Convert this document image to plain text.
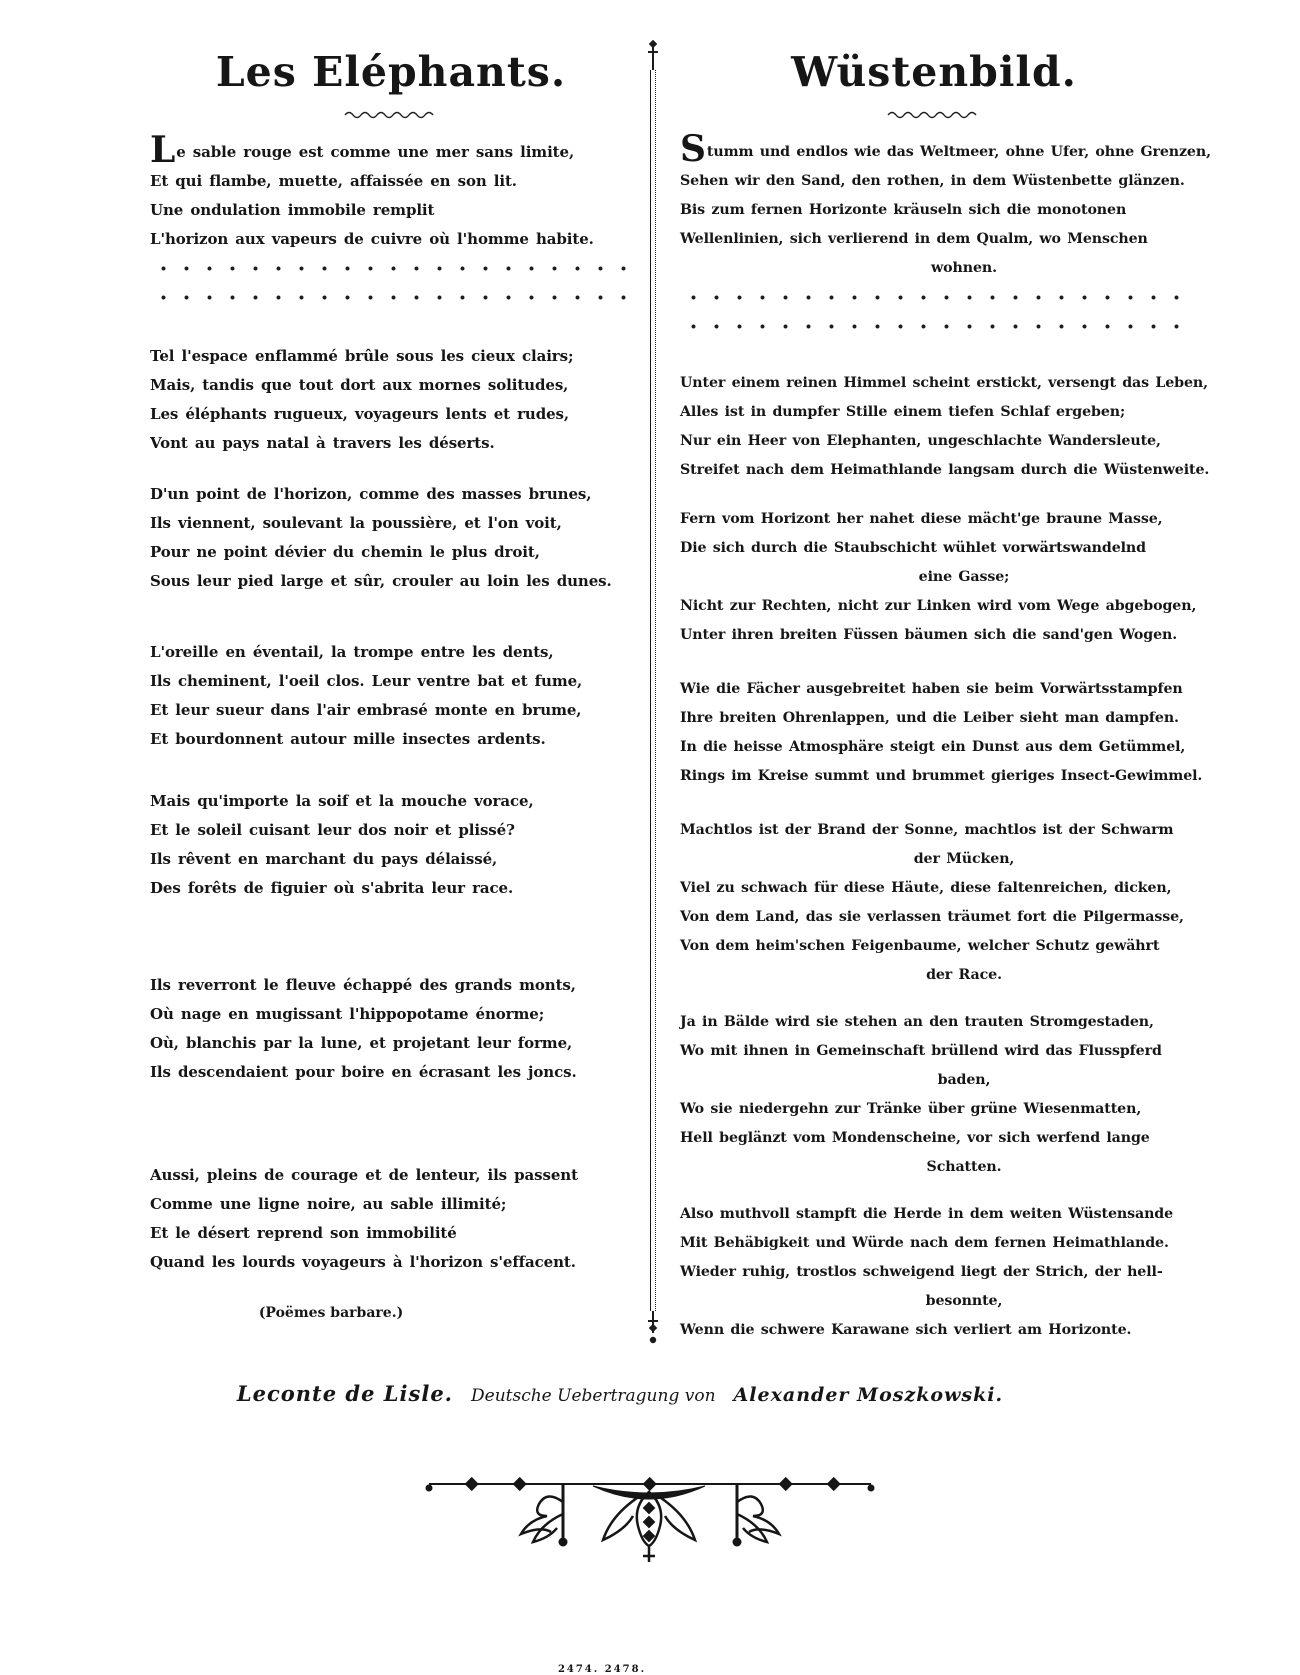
Les Eléphants.
Le sable rouge est comme une mer sans limite,
Et qui flambe, muette, affaissée en son lit.
Une ondulation immobile remplit
L'horizon aux vapeurs de cuivre où l'homme habite.
Tel l'espace enflammé brûle sous les cieux clairs;
Mais, tandis que tout dort aux mornes solitudes,
Les éléphants rugueux, voyageurs lents et rudes,
Vont au pays natal à travers les déserts.
D'un point de l'horizon, comme des masses brunes,
Ils viennent, soulevant la poussière, et l'on voit,
Pour ne point dévier du chemin le plus droit,
Sous leur pied large et sûr, crouler au loin les dunes.
L'oreille en éventail, la trompe entre les dents,
Ils cheminent, l'oeil clos. Leur ventre bat et fume,
Et leur sueur dans l'air embrasé monte en brume,
Et bourdonnent autour mille insectes ardents.
Mais qu'importe la soif et la mouche vorace,
Et le soleil cuisant leur dos noir et plissé?
Ils rêvent en marchant du pays délaissé,
Des forêts de figuier où s'abrita leur race.
Ils reverront le fleuve échappé des grands monts,
Où nage en mugissant l'hippopotame énorme;
Où, blanchis par la lune, et projetant leur forme,
Ils descendaient pour boire en écrasant les joncs.
Aussi, pleins de courage et de lenteur, ils passent
Comme une ligne noire, au sable illimité;
Et le désert reprend son immobilité
Quand les lourds voyageurs à l'horizon s'effacent.
(Poëmes barbare.)
Wüstenbild.
Stumm und endlos wie das Weltmeer, ohne Ufer, ohne Grenzen,
Sehen wir den Sand, den rothen, in dem Wüstenbette glänzen.
Bis zum fernen Horizonte kräuseln sich die monotonen
Wellenlinien, sich verlierend in dem Qualm, wo Menschen
wohnen.
Unter einem reinen Himmel scheint erstickt, versengt das Leben,
Alles ist in dumpfer Stille einem tiefen Schlaf ergeben;
Nur ein Heer von Elephanten, ungeschlachte Wandersleute,
Streifet nach dem Heimathlande langsam durch die Wüstenweite.
Fern vom Horizont her nahet diese mächt'ge braune Masse,
Die sich durch die Staubschicht wühlet vorwärtswandelnd
eine Gasse;
Nicht zur Rechten, nicht zur Linken wird vom Wege abgebogen,
Unter ihren breiten Füssen bäumen sich die sand'gen Wogen.
Wie die Fächer ausgebreitet haben sie beim Vorwärtsstampfen
Ihre breiten Ohrenlappen, und die Leiber sieht man dampfen.
In die heisse Atmosphäre steigt ein Dunst aus dem Getümmel,
Rings im Kreise summt und brummet gieriges Insect-Gewimmel.
Machtlos ist der Brand der Sonne, machtlos ist der Schwarm
der Mücken,
Viel zu schwach für diese Häute, diese faltenreichen, dicken,
Von dem Land, das sie verlassen träumet fort die Pilgermasse,
Von dem heim'schen Feigenbaume, welcher Schutz gewährt
der Race.
Ja in Bälde wird sie stehen an den trauten Stromgestaden,
Wo mit ihnen in Gemeinschaft brüllend wird das Flusspferd
baden,
Wo sie niedergehn zur Tränke über grüne Wiesenmatten,
Hell beglänzt vom Mondenscheine, vor sich werfend lange
Schatten.
Also muthvoll stampft die Herde in dem weiten Wüstensande
Mit Behäbigkeit und Würde nach dem fernen Heimathlande.
Wieder ruhig, trostlos schweigend liegt der Strich, der hell-
besonnte,
Wenn die schwere Karawane sich verliert am Horizonte.
Leconte de Lisle. Deutsche Uebertragung von Alexander Moszkowski.
2474. 2478.
